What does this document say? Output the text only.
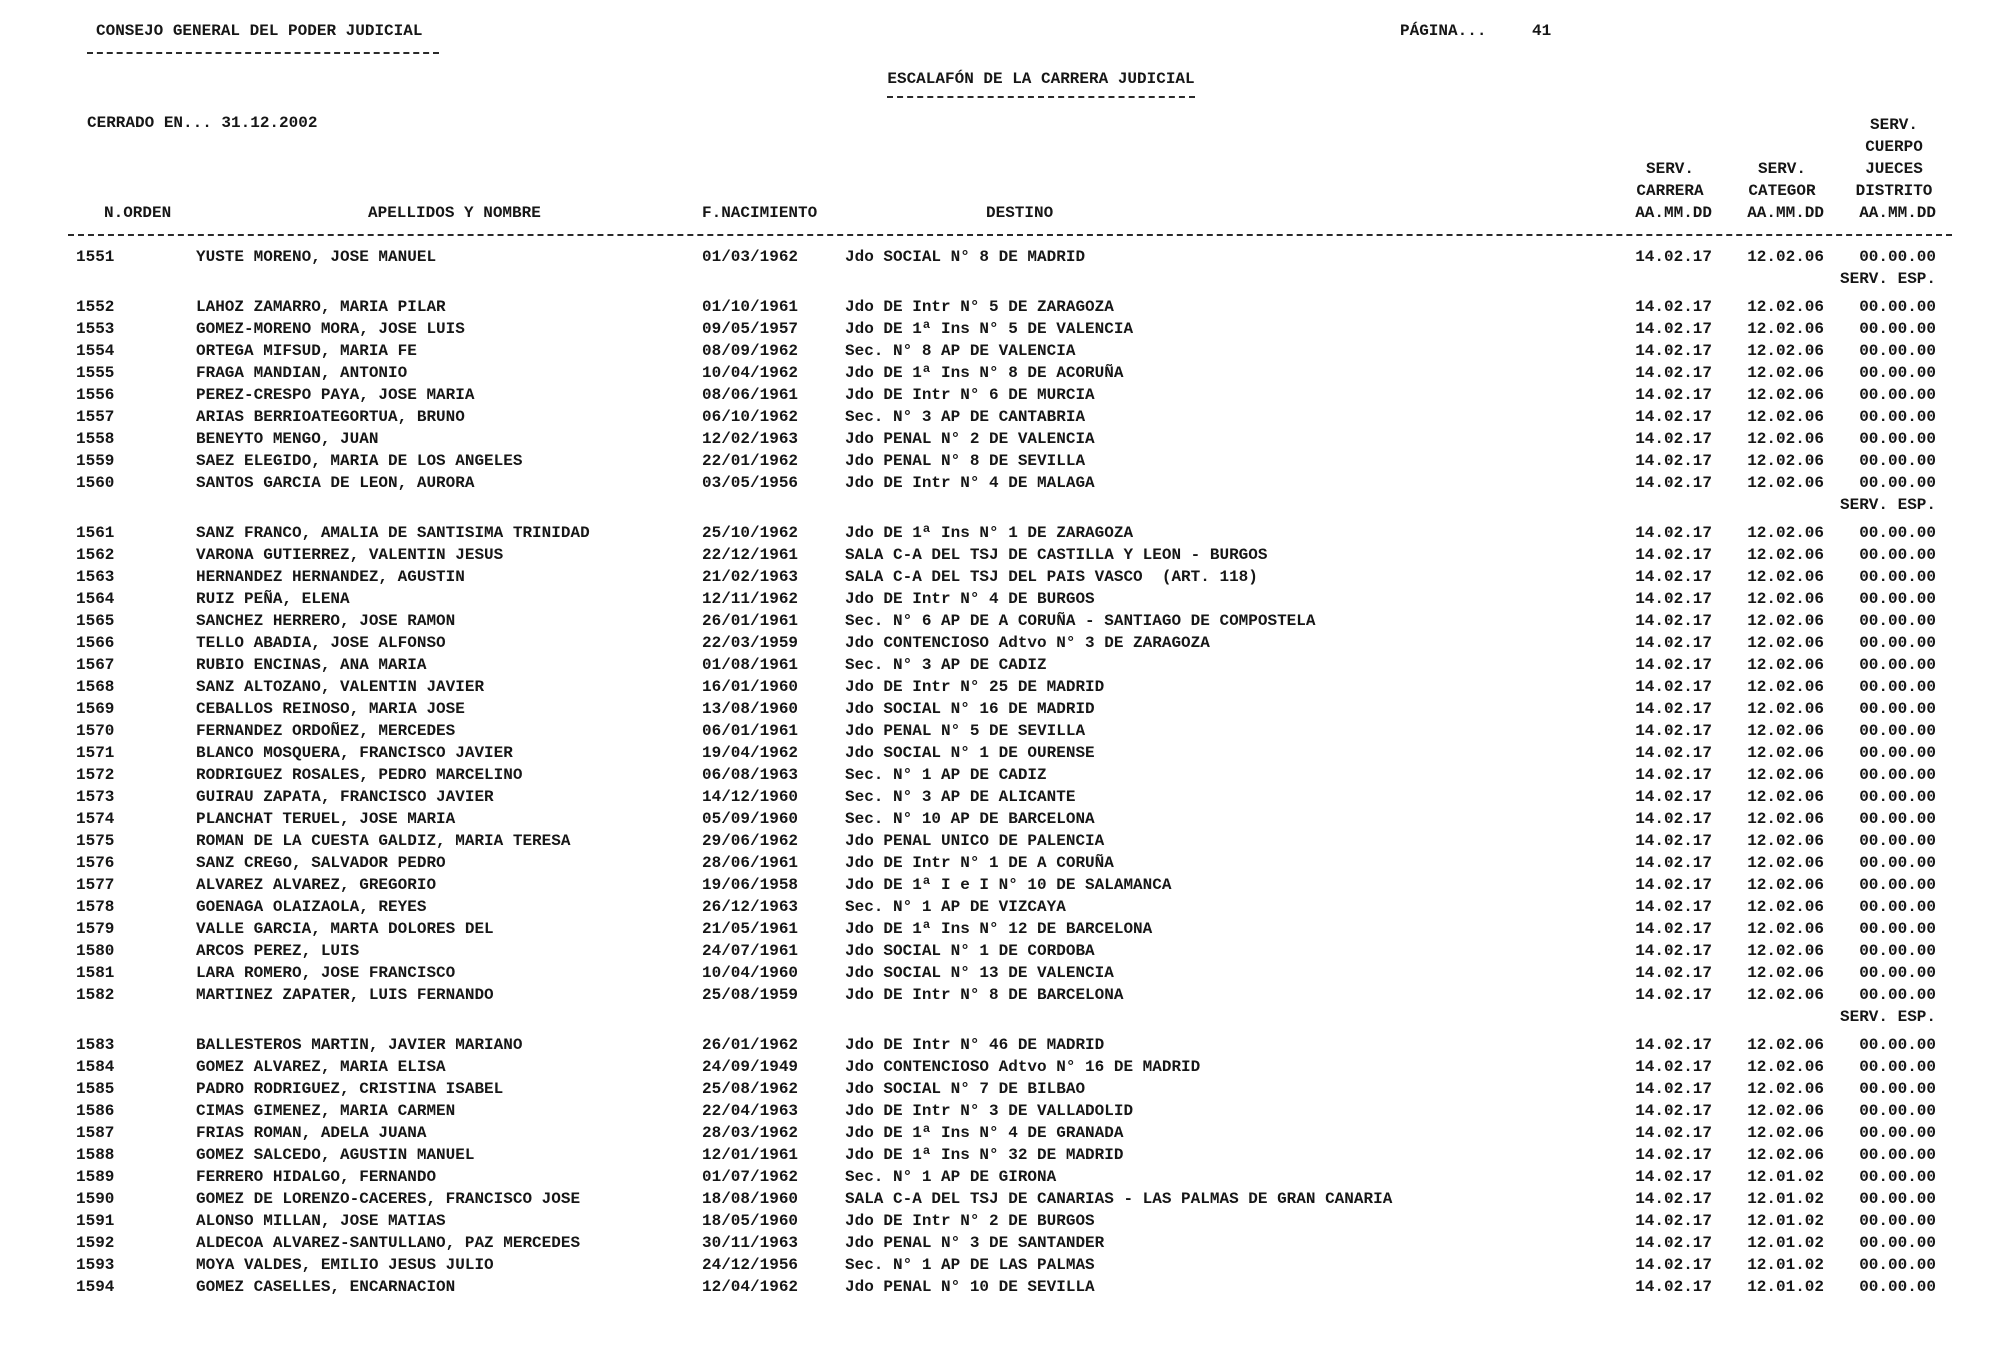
CONSEJO GENERAL DEL PODER JUDICIAL	PÁGINA...	41
ESCALAFÓN DE LA CARRERA JUDICIAL
CERRADO EN... 31.12.2002
N.ORDEN	APELLIDOS Y NOMBRE	F.NACIMIENTO	DESTINO
SERV.
CARRERA
AA.MM.DD
SERV.
CATEGOR
AA.MM.DD
SERV.
CUERPO
JUECES
DISTRITO
AA.MM.DD
1551	YUSTE MORENO, JOSE MANUEL	01/03/1962	Jdo SOCIAL N° 8 DE MADRID	14.02.17	12.02.06	00.00.00
SERV. ESP.
1552	LAHOZ ZAMARRO, MARIA PILAR	01/10/1961	Jdo DE Intr N° 5 DE ZARAGOZA	14.02.17	12.02.06	00.00.00
1553	GOMEZ-MORENO MORA, JOSE LUIS	09/05/1957	Jdo DE 1ª Ins N° 5 DE VALENCIA	14.02.17	12.02.06	00.00.00
1554	ORTEGA MIFSUD, MARIA FE	08/09/1962	Sec. N° 8 AP DE VALENCIA	14.02.17	12.02.06	00.00.00
1555	FRAGA MANDIAN, ANTONIO	10/04/1962	Jdo DE 1ª Ins N° 8 DE ACORUÑA	14.02.17	12.02.06	00.00.00
1556	PEREZ-CRESPO PAYA, JOSE MARIA	08/06/1961	Jdo DE Intr N° 6 DE MURCIA	14.02.17	12.02.06	00.00.00
1557	ARIAS BERRIOATEGORTUA, BRUNO	06/10/1962	Sec. N° 3 AP DE CANTABRIA	14.02.17	12.02.06	00.00.00
1558	BENEYTO MENGO, JUAN	12/02/1963	Jdo PENAL N° 2 DE VALENCIA	14.02.17	12.02.06	00.00.00
1559	SAEZ ELEGIDO, MARIA DE LOS ANGELES	22/01/1962	Jdo PENAL N° 8 DE SEVILLA	14.02.17	12.02.06	00.00.00
1560	SANTOS GARCIA DE LEON, AURORA	03/05/1956	Jdo DE Intr N° 4 DE MALAGA	14.02.17	12.02.06	00.00.00
SERV. ESP.
1561	SANZ FRANCO, AMALIA DE SANTISIMA TRINIDAD	25/10/1962	Jdo DE 1ª Ins N° 1 DE ZARAGOZA	14.02.17	12.02.06	00.00.00
1562	VARONA GUTIERREZ, VALENTIN JESUS	22/12/1961	SALA C-A DEL TSJ DE CASTILLA Y LEON - BURGOS	14.02.17	12.02.06	00.00.00
1563	HERNANDEZ HERNANDEZ, AGUSTIN	21/02/1963	SALA C-A DEL TSJ DEL PAIS VASCO  (ART. 118)	14.02.17	12.02.06	00.00.00
1564	RUIZ PEÑA, ELENA	12/11/1962	Jdo DE Intr N° 4 DE BURGOS	14.02.17	12.02.06	00.00.00
1565	SANCHEZ HERRERO, JOSE RAMON	26/01/1961	Sec. N° 6 AP DE A CORUÑA - SANTIAGO DE COMPOSTELA	14.02.17	12.02.06	00.00.00
1566	TELLO ABADIA, JOSE ALFONSO	22/03/1959	Jdo CONTENCIOSO Adtvo N° 3 DE ZARAGOZA	14.02.17	12.02.06	00.00.00
1567	RUBIO ENCINAS, ANA MARIA	01/08/1961	Sec. N° 3 AP DE CADIZ	14.02.17	12.02.06	00.00.00
1568	SANZ ALTOZANO, VALENTIN JAVIER	16/01/1960	Jdo DE Intr N° 25 DE MADRID	14.02.17	12.02.06	00.00.00
1569	CEBALLOS REINOSO, MARIA JOSE	13/08/1960	Jdo SOCIAL N° 16 DE MADRID	14.02.17	12.02.06	00.00.00
1570	FERNANDEZ ORDOÑEZ, MERCEDES	06/01/1961	Jdo PENAL N° 5 DE SEVILLA	14.02.17	12.02.06	00.00.00
1571	BLANCO MOSQUERA, FRANCISCO JAVIER	19/04/1962	Jdo SOCIAL N° 1 DE OURENSE	14.02.17	12.02.06	00.00.00
1572	RODRIGUEZ ROSALES, PEDRO MARCELINO	06/08/1963	Sec. N° 1 AP DE CADIZ	14.02.17	12.02.06	00.00.00
1573	GUIRAU ZAPATA, FRANCISCO JAVIER	14/12/1960	Sec. N° 3 AP DE ALICANTE	14.02.17	12.02.06	00.00.00
1574	PLANCHAT TERUEL, JOSE MARIA	05/09/1960	Sec. N° 10 AP DE BARCELONA	14.02.17	12.02.06	00.00.00
1575	ROMAN DE LA CUESTA GALDIZ, MARIA TERESA	29/06/1962	Jdo PENAL UNICO DE PALENCIA	14.02.17	12.02.06	00.00.00
1576	SANZ CREGO, SALVADOR PEDRO	28/06/1961	Jdo DE Intr N° 1 DE A CORUÑA	14.02.17	12.02.06	00.00.00
1577	ALVAREZ ALVAREZ, GREGORIO	19/06/1958	Jdo DE 1ª I e I N° 10 DE SALAMANCA	14.02.17	12.02.06	00.00.00
1578	GOENAGA OLAIZAOLA, REYES	26/12/1963	Sec. N° 1 AP DE VIZCAYA	14.02.17	12.02.06	00.00.00
1579	VALLE GARCIA, MARTA DOLORES DEL	21/05/1961	Jdo DE 1ª Ins N° 12 DE BARCELONA	14.02.17	12.02.06	00.00.00
1580	ARCOS PEREZ, LUIS	24/07/1961	Jdo SOCIAL N° 1 DE CORDOBA	14.02.17	12.02.06	00.00.00
1581	LARA ROMERO, JOSE FRANCISCO	10/04/1960	Jdo SOCIAL N° 13 DE VALENCIA	14.02.17	12.02.06	00.00.00
1582	MARTINEZ ZAPATER, LUIS FERNANDO	25/08/1959	Jdo DE Intr N° 8 DE BARCELONA	14.02.17	12.02.06	00.00.00
SERV. ESP.
1583	BALLESTEROS MARTIN, JAVIER MARIANO	26/01/1962	Jdo DE Intr N° 46 DE MADRID	14.02.17	12.02.06	00.00.00
1584	GOMEZ ALVAREZ, MARIA ELISA	24/09/1949	Jdo CONTENCIOSO Adtvo N° 16 DE MADRID	14.02.17	12.02.06	00.00.00
1585	PADRO RODRIGUEZ, CRISTINA ISABEL	25/08/1962	Jdo SOCIAL N° 7 DE BILBAO	14.02.17	12.02.06	00.00.00
1586	CIMAS GIMENEZ, MARIA CARMEN	22/04/1963	Jdo DE Intr N° 3 DE VALLADOLID	14.02.17	12.02.06	00.00.00
1587	FRIAS ROMAN, ADELA JUANA	28/03/1962	Jdo DE 1ª Ins N° 4 DE GRANADA	14.02.17	12.02.06	00.00.00
1588	GOMEZ SALCEDO, AGUSTIN MANUEL	12/01/1961	Jdo DE 1ª Ins N° 32 DE MADRID	14.02.17	12.02.06	00.00.00
1589	FERRERO HIDALGO, FERNANDO	01/07/1962	Sec. N° 1 AP DE GIRONA	14.02.17	12.01.02	00.00.00
1590	GOMEZ DE LORENZO-CACERES, FRANCISCO JOSE	18/08/1960	SALA C-A DEL TSJ DE CANARIAS - LAS PALMAS DE GRAN CANARIA	14.02.17	12.01.02	00.00.00
1591	ALONSO MILLAN, JOSE MATIAS	18/05/1960	Jdo DE Intr N° 2 DE BURGOS	14.02.17	12.01.02	00.00.00
1592	ALDECOA ALVAREZ-SANTULLANO, PAZ MERCEDES	30/11/1963	Jdo PENAL N° 3 DE SANTANDER	14.02.17	12.01.02	00.00.00
1593	MOYA VALDES, EMILIO JESUS JULIO	24/12/1956	Sec. N° 1 AP DE LAS PALMAS	14.02.17	12.01.02	00.00.00
1594	GOMEZ CASELLES, ENCARNACION	12/04/1962	Jdo PENAL N° 10 DE SEVILLA	14.02.17	12.01.02	00.00.00
